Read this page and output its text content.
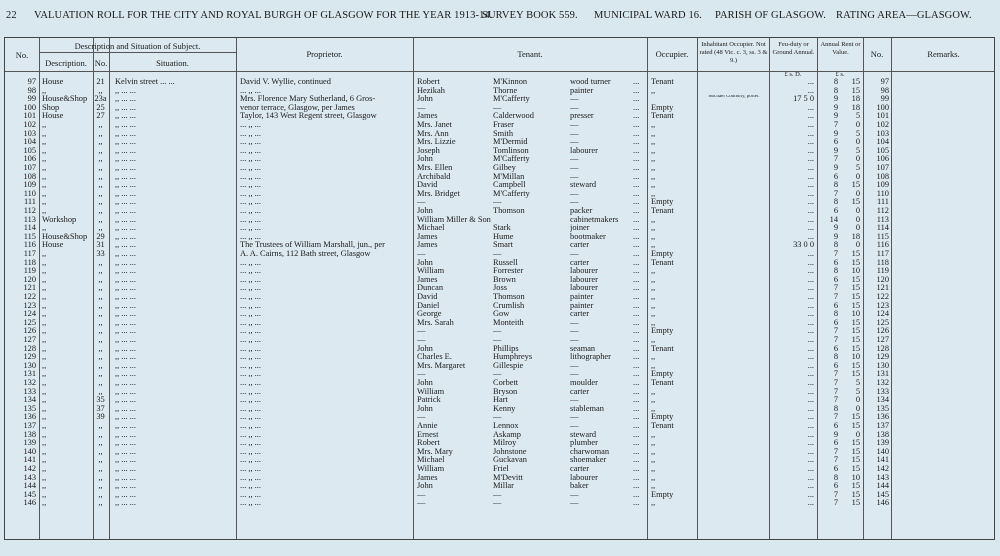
22 VALUATION ROLL FOR THE CITY AND ROYAL BURGH OF GLASGOW FOR THE YEAR 1913-14.
SURVEY BOOK 559. MUNICIPAL WARD 16. PARISH OF GLASGOW. RATING AREA—GLASGOW.
No.
Description and Situation of Subject.
Description. No.	Situation.
Proprietor.	Tenant.	Occupier.
Inhabitant Occupier. Not rated (48 Vic. c. 3, ss. 3 & 9.)
Feu-duty or Ground Annual.
Annual Rent or Value.	No.	Remarks.
£ s. D.	£ s.
97 House	21	Kelvin street ... ...	David V. Wyllie, continued	Robert	M'Kinnon	wood turner	...	Tenant	...	8	15	97
98 ,,	,,	,, ... ...	... ,, ...	Hezikah	Thorne	painter	...	,,	...	8	15	98
99 House&Shop 23a ,, ... ...	Mrs. Florence Mary Sutherland, 6 Gros-	John	M'Cafferty	—	...	Michael Connolly, porter.	17 5 0	9	18	99
100 Shop	25	,, ... ...	venor terrace, Glasgow, per James	—	—	—	...	Empty	...	9	18	100
101 House	27	,, ... ...	Taylor, 143 West Regent street, Glasgow	James	Calderwood	presser	...	Tenant	...	9	5	101
102 ,,	,,	,, ... ...	... ,, ...	Mrs. Janet	Fraser	—	...	,,	...	7	0	102
103 ,,	,,	,, ... ...	... ,, ...	Mrs. Ann	Smith	—	...	,,	...	9	5	103
104 ,,	,,	,, ... ...	... ,, ...	Mrs. Lizzie	M'Dermid	—	...	,,	...	6	0	104
105 ,,	,,	,, ... ...	... ,, ...	Joseph	Tomlinson	labourer	...	,,	...	9	5	105
106 ,,	,,	,, ... ...	... ,, ...	John	M'Cafferty	—	...	,,	...	7	0	106
107 ,,	,,	,, ... ...	... ,, ...	Mrs. Ellen	Gilbey	—	...	,,	...	9	5	107
108 ,,	,,	,, ... ...	... ,, ...	Archibald	M'Millan	—	...	,,	...	6	0	108
109 ,,	,,	,, ... ...	... ,, ...	David	Campbell	steward	...	,,	...	8	15	109
110 ,,	,,	,, ... ...	... ,, ...	Mrs. Bridget	M'Cafferty	—	...	,,	...	7	0	110
111 ,,	,,	,, ... ...	... ,, ...	—	—	—	...	Empty	...	8	15	111
112 ,,	,,	,, ... ...	... ,, ...	John	Thomson	packer	...	Tenant	...	6	0	112
113 Workshop	,,	,, ... ...	... ,, ...	William Miller & Son	cabinetmakers	...	,,	...	14	0	113
114 ,,	,,	,, ... ...	... ,, ...	Michael	Stark	joiner	...	,,	...	9	0	114
115 House&Shop	29	,, ... ...	... ,, ...	James	Hume	bootmaker	...	,,	...	9	18	115
116 House	31	,, ... ...	The Trustees of William Marshall, jun., per	James	Smart	carter	...	,,	33 0 0	8	0	116
117 ,,	33	,, ... ...	A. A. Cairns, 112 Bath street, Glasgow	—	—	—	...	Empty	...	7	15	117
118 ,,	,,	,, ... ...	... ,, ...	John	Russell	carter	...	Tenant	...	6	15	118
119 ,,	,,	,, ... ...	... ,, ...	William	Forrester	labourer	...	,,	...	8	10	119
120 ,,	,,	,, ... ...	... ,, ...	James	Brown	labourer	...	,,	...	6	15	120
121 ,,	,,	,, ... ...	... ,, ...	Duncan	Joss	labourer	...	,,	...	7	15	121
122 ,,	,,	,, ... ...	... ,, ...	David	Thomson	painter	...	,,	...	7	15	122
123 ,,	,,	,, ... ...	... ,, ...	Daniel	Crumlish	painter	...	,,	...	6	15	123
124 ,,	,,	,, ... ...	... ,, ...	George	Gow	carter	...	,,	...	8	10	124
125 ,,	,,	,, ... ...	... ,, ...	Mrs. Sarah	Monteith	—	...	,,	...	6	15	125
126 ,,	,,	,, ... ...	... ,, ...	—	—	—	...	Empty	...	7	15	126
127 ,,	,,	,, ... ...	... ,, ...	—	—	—	...	,,	...	7	15	127
128 ,,	,,	,, ... ...	... ,, ...	John	Phillips	seaman	...	Tenant	...	6	15	128
129 ,,	,,	,, ... ...	... ,, ...	Charles E.	Humphreys	lithographer	...	,,	...	8	10	129
130 ,,	,,	,, ... ...	... ,, ...	Mrs. Margaret	Gillespie	—	...	,,	...	6	15	130
131 ,,	,,	,, ... ...	... ,, ...	—	—	—	...	Empty	...	7	15	131
132 ,,	,,	,, ... ...	... ,, ...	John	Corbett	moulder	...	Tenant	...	7	5	132
133 ,,	,,	,, ... ...	... ,, ...	William	Bryson	carter	...	,,	...	7	5	133
134 ,,	35	,, ... ...	... ,, ...	Patrick	Hart	—	...	,,	...	7	0	134
135 ,,	37	,, ... ...	... ,, ...	John	Kenny	stableman	...	,,	...	8	0	135
136 ,,	39	,, ... ...	... ,, ...	—	—	—	...	Empty	...	7	15	136
137 ,,	,,	,, ... ...	... ,, ...	Annie	Lennox	—	...	Tenant	...	6	15	137
138 ,,	,,	,, ... ...	... ,, ...	Ernest	Askamp	steward	...	,,	...	9	0	138
139 ,,	,,	,, ... ...	... ,, ...	Robert	Milroy	plumber	...	,,	...	6	15	139
140 ,,	,,	,, ... ...	... ,, ...	Mrs. Mary	Johnstone	charwoman	...	,,	...	7	15	140
141 ,,	,,	,, ... ...	... ,, ...	Michael	Guckavan	shoemaker	...	,,	...	7	15	141
142 ,,	,,	,, ... ...	... ,, ...	William	Friel	carter	...	,,	...	6	15	142
143 ,,	,,	,, ... ...	... ,, ...	James	M'Devitt	labourer	...	,,	...	8	10	143
144 ,,	,,	,, ... ...	... ,, ...	John	Millar	baker	...	,,	...	6	15	144
145 ,,	,,	,, ... ...	... ,, ...	—	—	—	...	Empty	...	7	15	145
146 ,,	,,	,, ... ...	... ,, ...	—	—	—	...	,,	...	7	15	146
